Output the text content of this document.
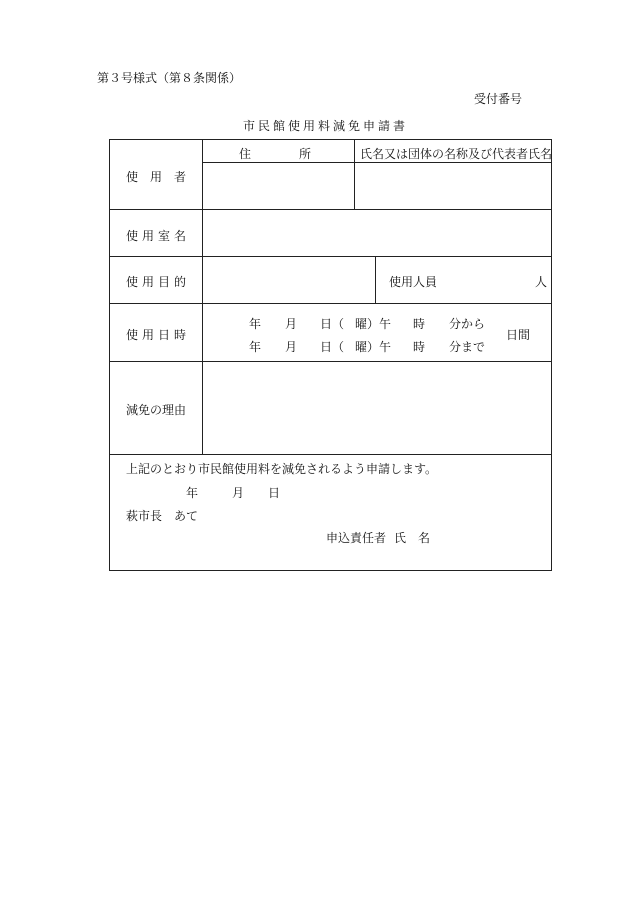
第３号様式（第８条関係）
受付番号
市民館使用料減免申請書
使　用　者
住　　　　所	氏名又は団体の名称及び代表者氏名
使用室名
使用目的	使用人員	人
使用日時
年 月 日（ 曜） 午 時 分から
年 月 日（ 曜） 午 時 分まで
日間
減免の理由
上記のとおり市民館使用料を減免されるよう申請します。
年	月 日
萩市長　あて
申込責任者 氏　名
